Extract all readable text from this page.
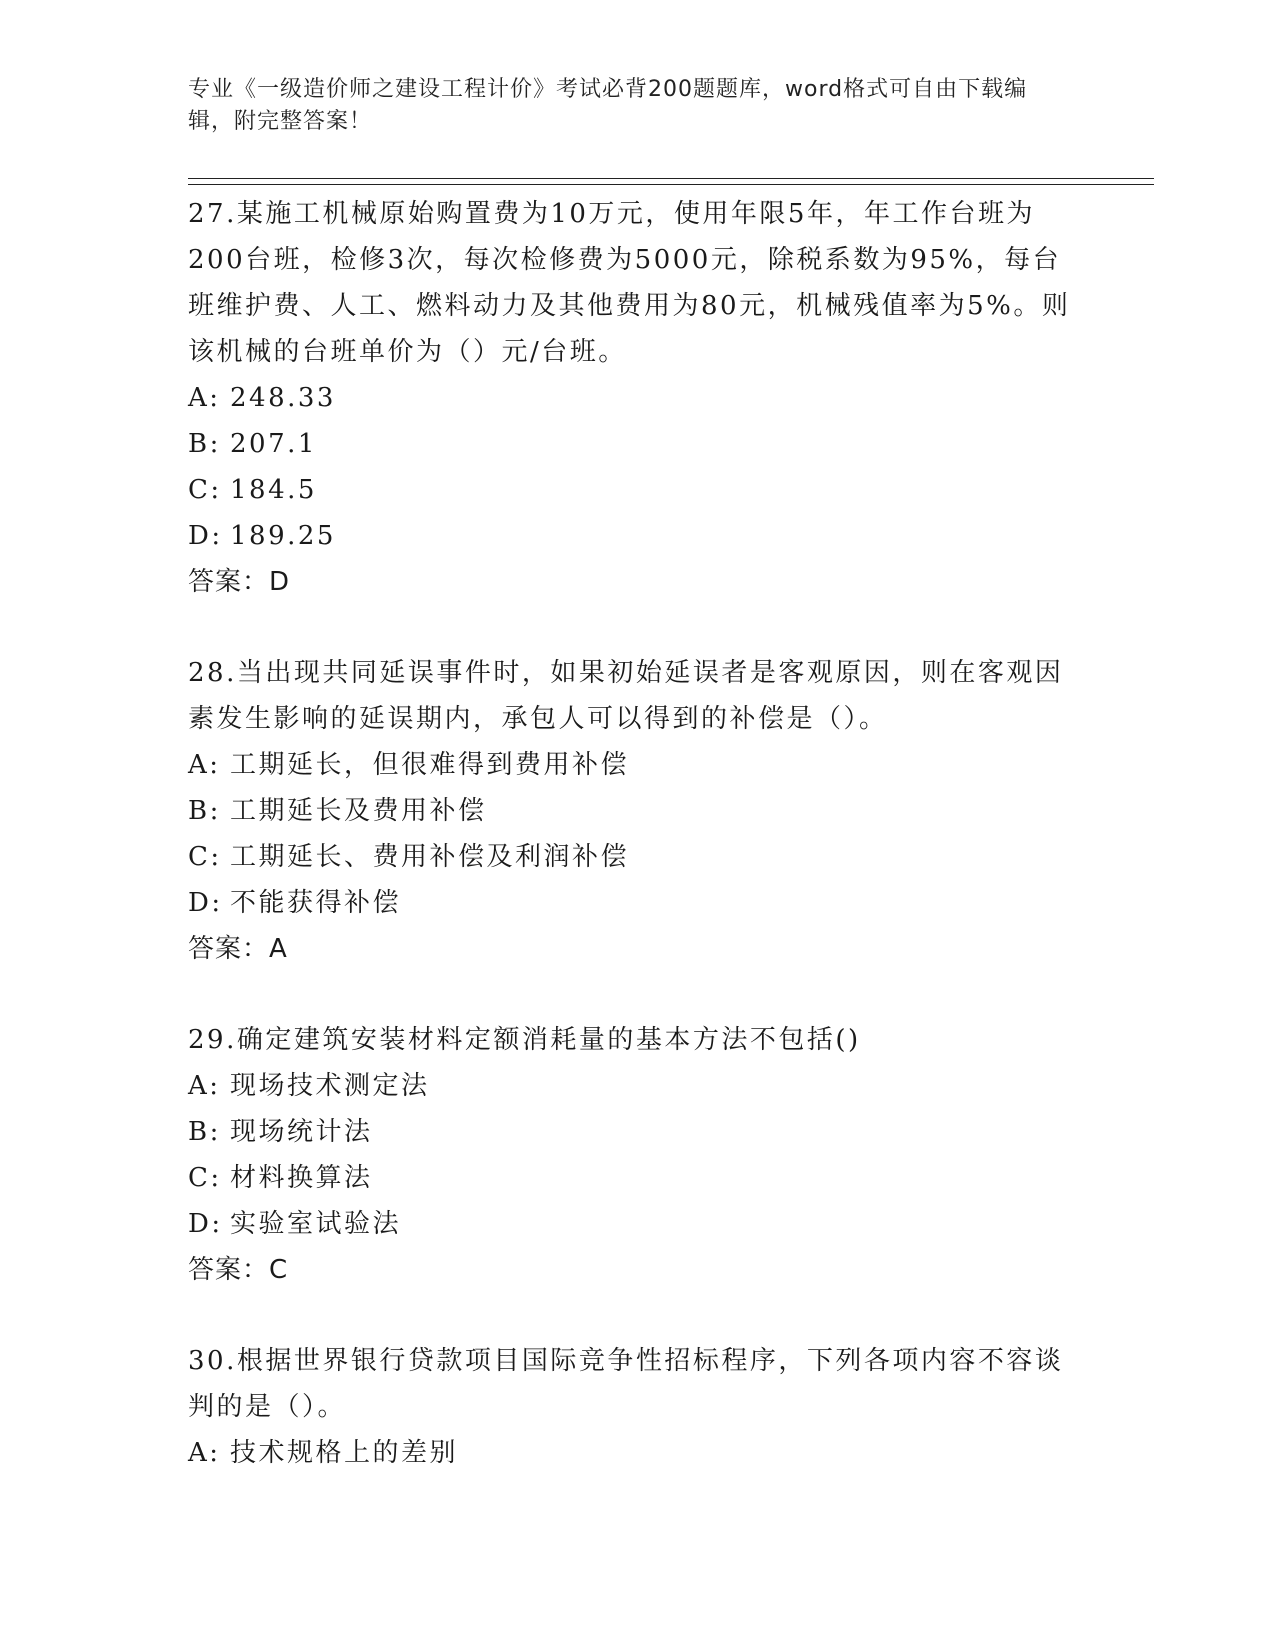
专业《一级造价师之建设工程计价》考试必背200题题库，word格式可自由下载编辑，附完整答案！

27.某施工机械原始购置费为10万元，使用年限5年，年工作台班为200台班，检修3次，每次检修费为5000元，除税系数为95%，每台班维护费、人工、燃料动力及其他费用为80元，机械残值率为5%。则该机械的台班单价为（）元/台班。

A: 248.33

B: 207.1

C: 184.5

D: 189.25

答案：D

28.当出现共同延误事件时，如果初始延误者是客观原因，则在客观因素发生影响的延误期内，承包人可以得到的补偿是（）。

A: 工期延长，但很难得到费用补偿

B: 工期延长及费用补偿

C: 工期延长、费用补偿及利润补偿

D: 不能获得补偿

答案：A

29.确定建筑安装材料定额消耗量的基本方法不包括()

A: 现场技术测定法

B: 现场统计法

C: 材料换算法

D: 实验室试验法

答案：C

30.根据世界银行贷款项目国际竞争性招标程序，下列各项内容不容谈判的是（）。

A: 技术规格上的差别
